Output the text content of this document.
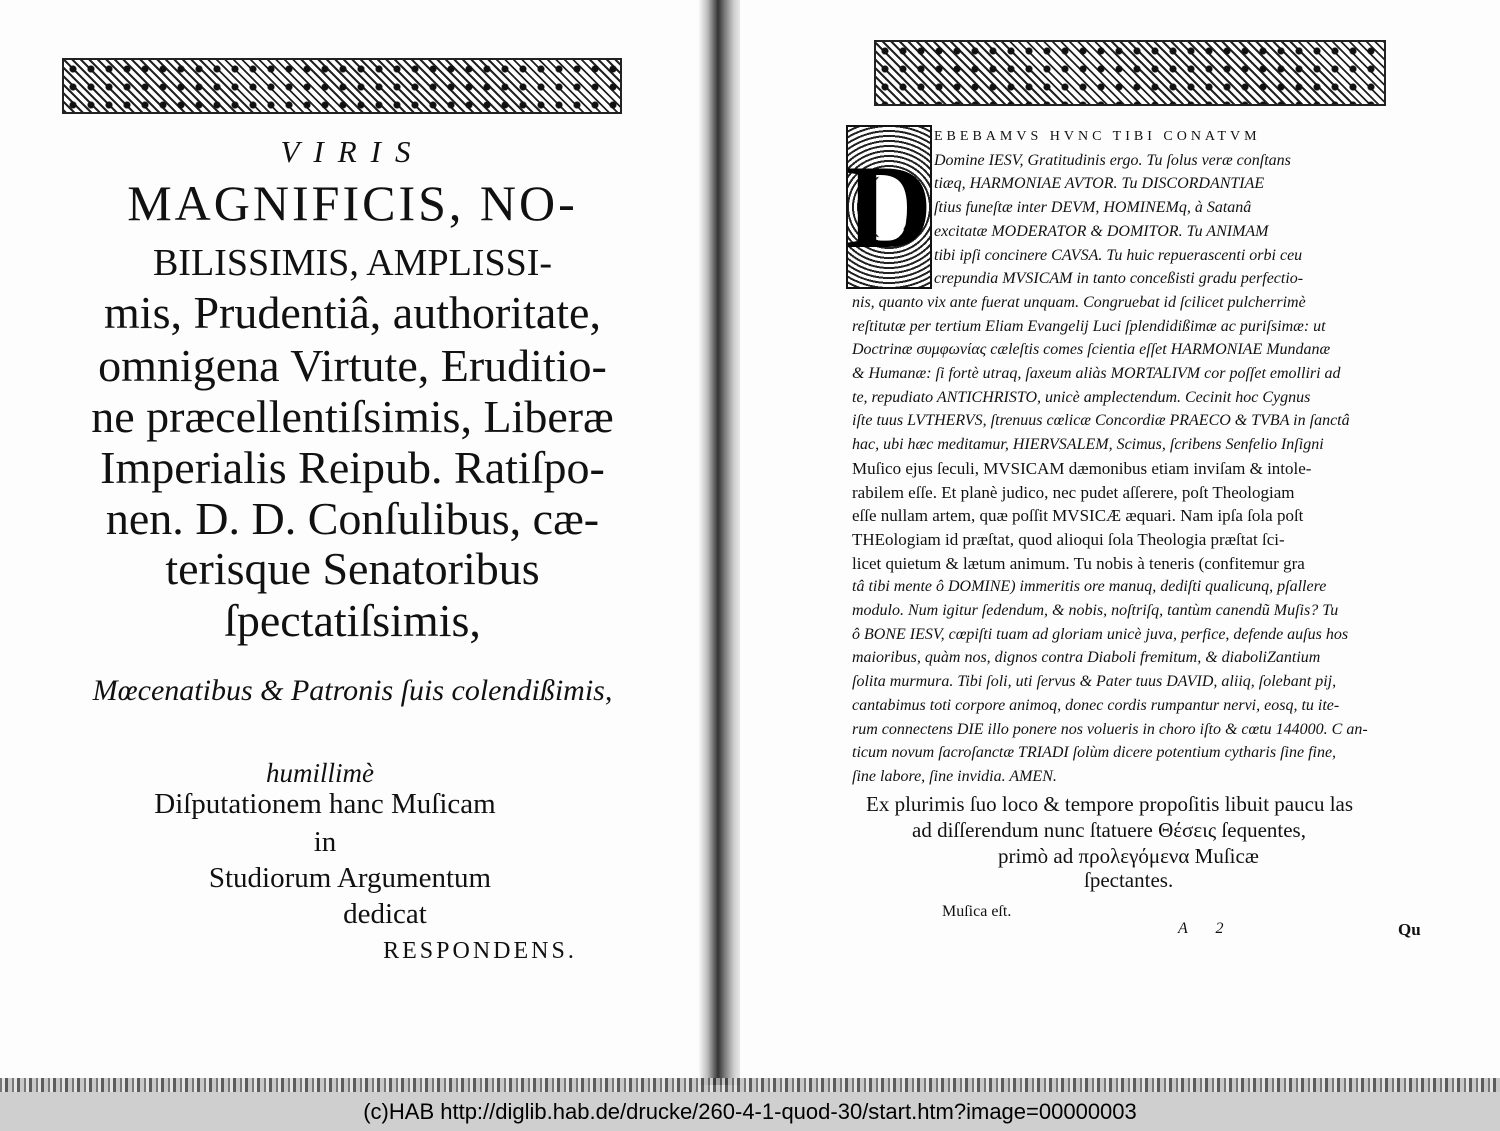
VIRIS
MAGNIFICIS, NO-
BILISSIMIS, AMPLISSI-
mis, Prudentiâ, authoritate,
omnigena Virtute, Eruditio-
ne præcellentiſsimis, Liberæ
Imperialis Reipub. Ratiſpo-
nen. D. D. Conſulibus, cæ-
terisque Senatoribus
ſpectatiſsimis,
Mœcenatibus & Patronis ſuis colendißimis,
humillimè
Diſputationem hanc Muſicam
in
Studiorum Argumentum
dedicat
RESPONDENS.
D
EBEBAMVS HVNC TIBI CONATVM
Domine IESV, Gratitudinis ergo. Tu ſolus veræ conſtans
tiæq, HARMONIAE AVTOR. Tu DISCORDANTIAE
ſtius funeſtæ inter DEVM, HOMINEMq, à Satanâ
excitatæ MODERATOR & DOMITOR. Tu ANIMAM
tibi ipſi concinere CAVSA. Tu huic repuerascenti orbi ceu
crepundia MVSICAM in tanto conceßisti gradu perfectio-
nis, quanto vix ante fuerat unquam. Congruebat id ſcilicet pulcherrimè
reſtitutæ per tertium Eliam Evangelij Luci ſplendidißimæ ac puriſsimæ: ut
Doctrinæ συμφωνίας cæleſtis comes ſcientia eſſet HARMONIAE Mundanæ
& Humanæ: ſi fortè utraq, ſaxeum aliàs MORTALIVM cor poſſet emolliri ad
te, repudiato ANTICHRISTO, unicè amplectendum. Cecinit hoc Cygnus
iſte tuus LVTHERVS, ſtrenuus cœlicæ Concordiæ PRAECO & TVBA in ſanctâ
hac, ubi hæc meditamur, HIERVSALEM, Scimus, ſcribens Senfelio Inſigni
Muſico ejus ſeculi, MVSICAM dæmonibus etiam inviſam & intole-
rabilem eſſe. Et planè judico, nec pudet aſſerere, poſt Theologiam
eſſe nullam artem, quæ poſſit MVSICÆ æquari. Nam ipſa ſola poſt
THEologiam id præſtat, quod alioqui ſola Theologia præſtat ſci-
licet quietum & lætum animum. Tu nobis à teneris (confitemur gra
tâ tibi mente ô DOMINE) immeritis ore manuq, dediſti qualicunq, pſallere
modulo. Num igitur ſedendum, & nobis, noſtriſq, tantùm canendũ Muſis? Tu
ô BONE IESV, cœpiſti tuam ad gloriam unicè juva, perfice, defende auſus hos
maioribus, quàm nos, dignos contra Diaboli fremitum, & diaboliZantium
ſolita murmura. Tibi ſoli, uti ſervus & Pater tuus DAVID, aliiq, ſolebant pij,
cantabimus toti corpore animoq, donec cordis rumpantur nervi, eosq, tu ite-
rum connectens DIE illo ponere nos volueris in choro iſto & cœtu 144000. C an-
ticum novum ſacroſanctæ TRIADI ſolùm dicere potentium cytharis ſine fine,
ſine labore, ſine invidia. AMEN.
Ex plurimis ſuo loco & tempore propoſitis libuit paucu las
ad diſſerendum nunc ſtatuere Θέσεις ſequentes,
primò ad προλεγόμενα Muſicæ
ſpectantes.
Muſica eſt.
A 2	Qu
(c)HAB http://diglib.hab.de/drucke/260-4-1-quod-30/start.htm?image=00000003
